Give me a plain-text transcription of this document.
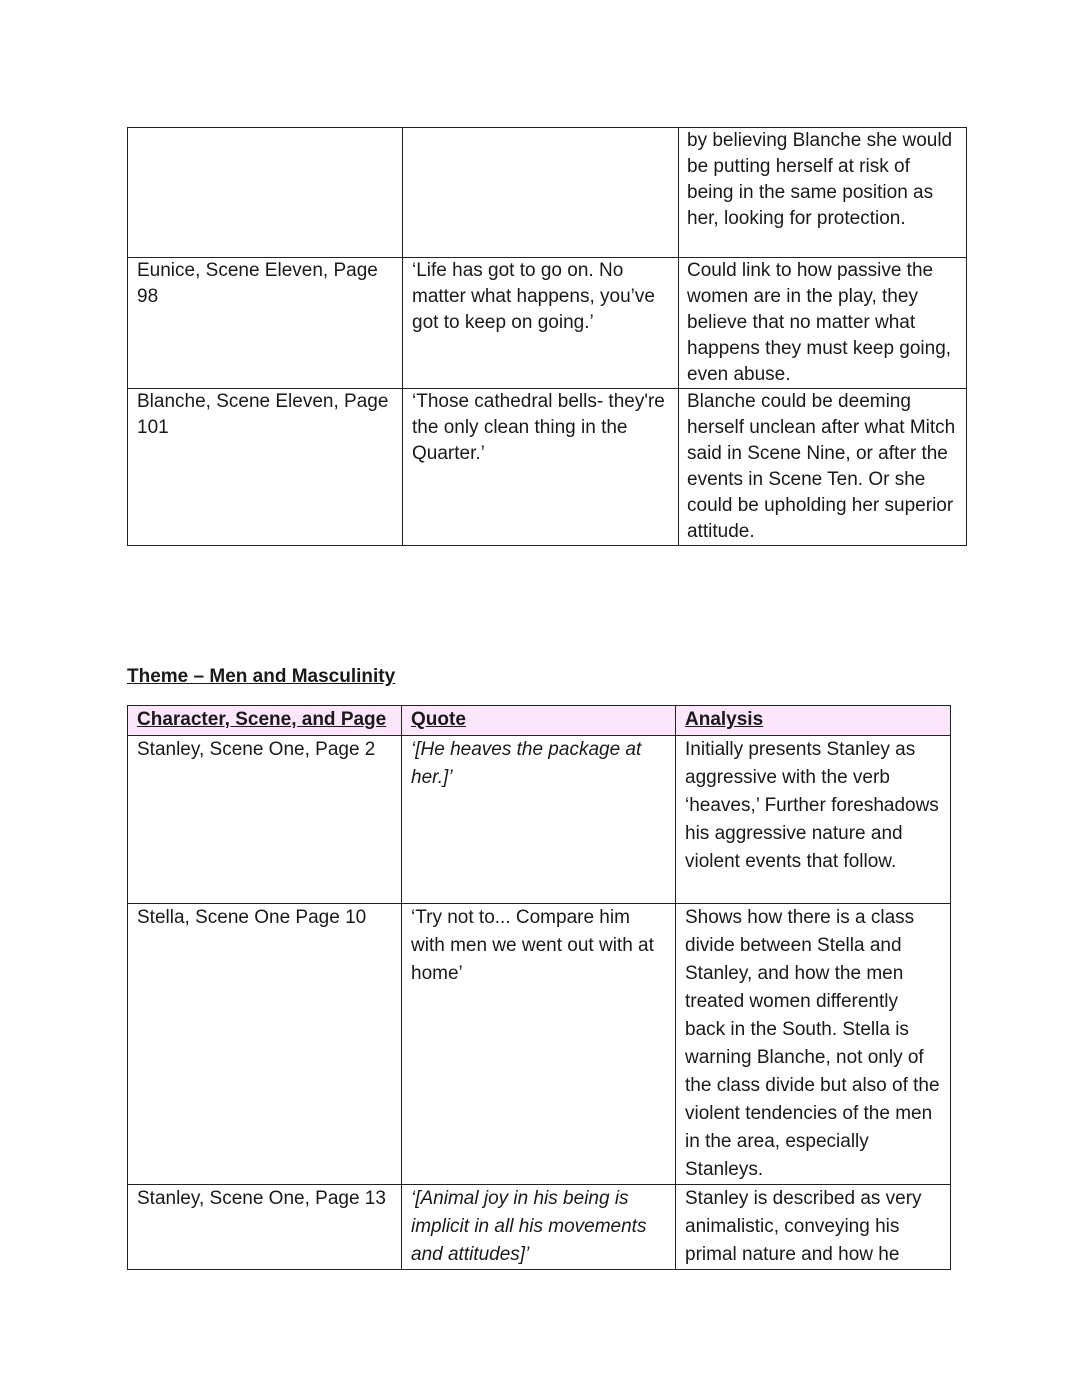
		by believing Blanche she would be putting herself at risk of being in the same position as her, looking for protection.
Eunice, Scene Eleven, Page 98	‘Life has got to go on. No matter what happens, you’ve got to keep on going.’	Could link to how passive the women are in the play, they believe that no matter what happens they must keep going, even abuse.
Blanche, Scene Eleven, Page 101	‘Those cathedral bells- they're the only clean thing in the Quarter.’	Blanche could be deeming herself unclean after what Mitch said in Scene Nine, or after the events in Scene Ten. Or she could be upholding her superior attitude.
Theme – Men and Masculinity
Character, Scene, and Page	Quote	Analysis
Stanley, Scene One, Page 2	‘[He heaves the package at her.]’	Initially presents Stanley as aggressive with the verb ‘heaves,’ Further foreshadows his aggressive nature and violent events that follow.
Stella, Scene One Page 10	‘Try not to... Compare him with men we went out with at home’	Shows how there is a class divide between Stella and Stanley, and how the men treated women differently back in the South. Stella is warning Blanche, not only of the class divide but also of the violent tendencies of the men in the area, especially Stanleys.
Stanley, Scene One, Page 13	‘[Animal joy in his being is implicit in all his movements and attitudes]’	Stanley is described as very animalistic, conveying his primal nature and how he
